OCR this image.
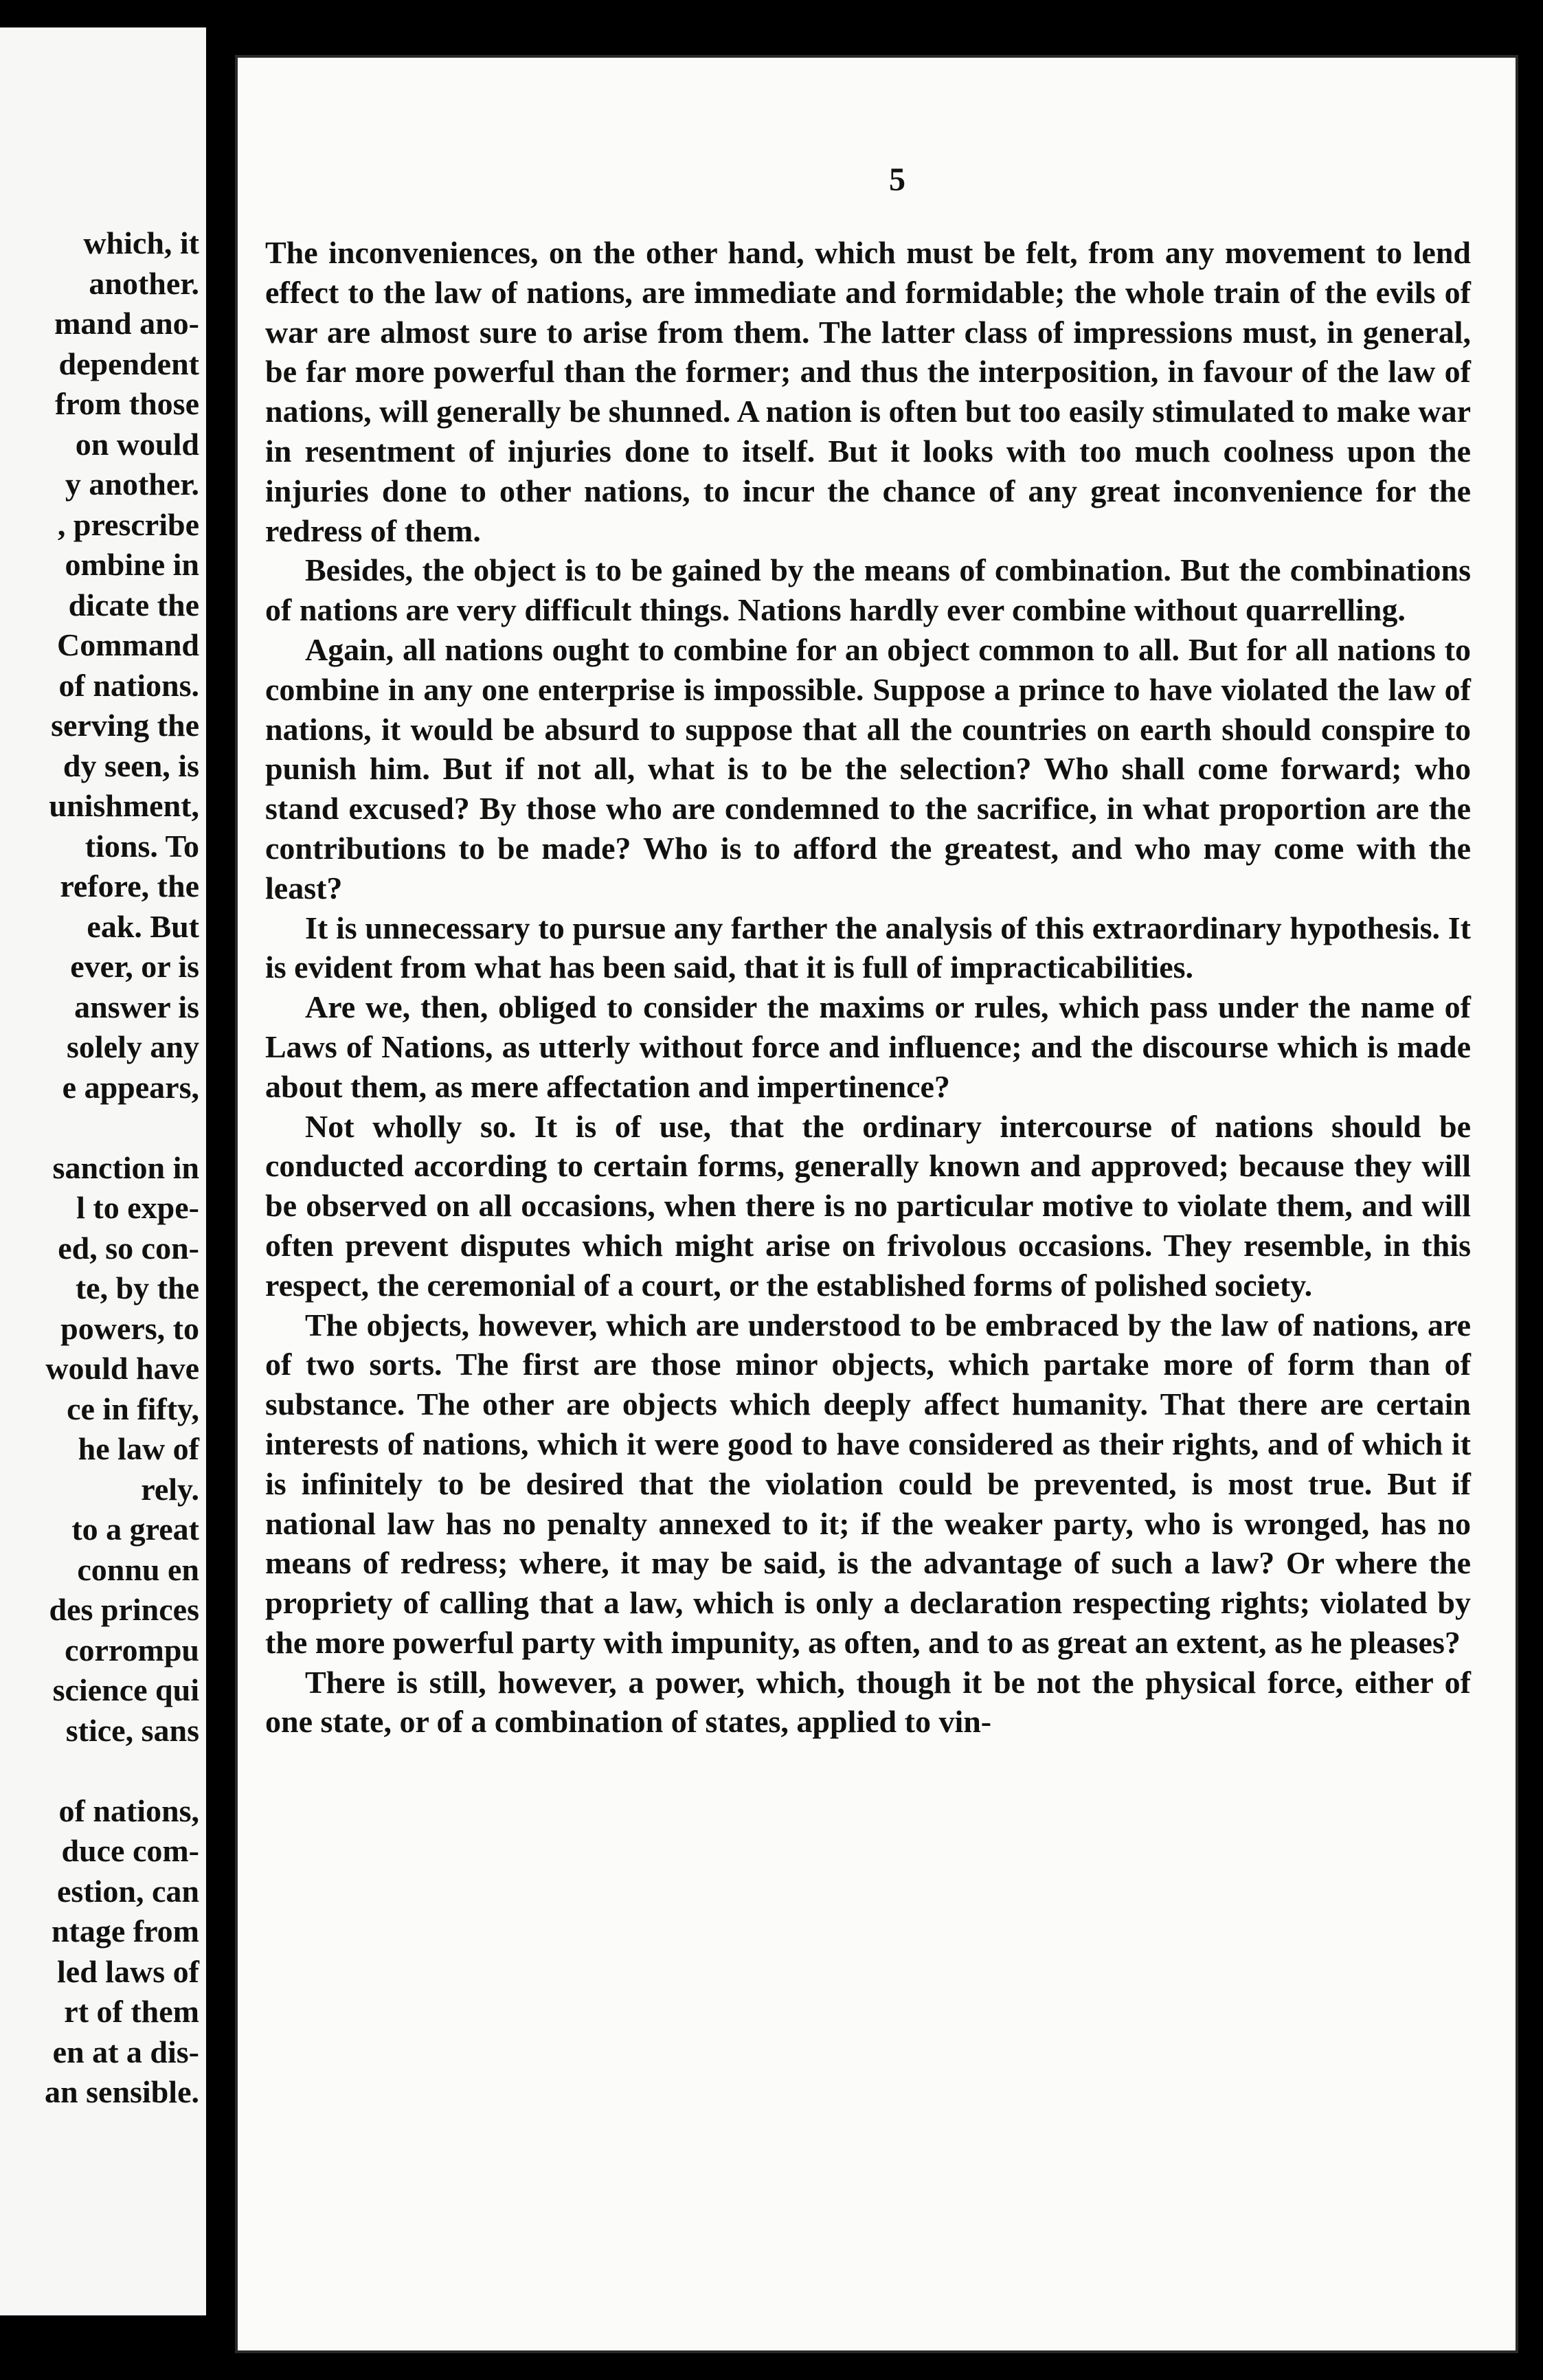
which, it
another.
mand ano-
dependent
from those
on would
y another.
, prescribe
ombine in
dicate the
Command
of nations.
serving the
dy seen, is
unishment,
tions. To
refore, the
eak. But
ever, or is
answer is
solely any
e appears,
sanction in
l to expe-
ed, so con-
te, by the
powers, to
would have
ce in fifty,
he law of
rely.
to a great
connu en
des princes
corrompu
science qui
stice, sans
of nations,
duce com-
estion, can
ntage from
led laws of
rt of them
en at a dis-
an sensible.
5

The inconveniences, on the other hand, which must be felt, from any movement to lend effect to the law of nations, are immediate and formidable; the whole train of the evils of war are almost sure to arise from them. The latter class of impressions must, in general, be far more powerful than the former; and thus the interposition, in favour of the law of nations, will generally be shunned. A nation is often but too easily stimulated to make war in resentment of injuries done to itself. But it looks with too much coolness upon the injuries done to other nations, to incur the chance of any great inconvenience for the redress of them.

Besides, the object is to be gained by the means of combination. But the combinations of nations are very difficult things. Nations hardly ever combine without quarrelling.

Again, all nations ought to combine for an object common to all. But for all nations to combine in any one enterprise is impossible. Suppose a prince to have violated the law of nations, it would be absurd to suppose that all the countries on earth should conspire to punish him. But if not all, what is to be the selection? Who shall come forward; who stand excused? By those who are condemned to the sacrifice, in what proportion are the contributions to be made? Who is to afford the greatest, and who may come with the least?

It is unnecessary to pursue any farther the analysis of this extraordinary hypothesis. It is evident from what has been said, that it is full of impracticabilities.

Are we, then, obliged to consider the maxims or rules, which pass under the name of Laws of Nations, as utterly without force and influence; and the discourse which is made about them, as mere affectation and impertinence?

Not wholly so. It is of use, that the ordinary intercourse of nations should be conducted according to certain forms, generally known and approved; because they will be observed on all occasions, when there is no particular motive to violate them, and will often prevent disputes which might arise on frivolous occasions. They resemble, in this respect, the ceremonial of a court, or the established forms of polished society.

The objects, however, which are understood to be embraced by the law of nations, are of two sorts. The first are those minor objects, which partake more of form than of substance. The other are objects which deeply affect humanity. That there are certain interests of nations, which it were good to have considered as their rights, and of which it is infinitely to be desired that the violation could be prevented, is most true. But if national law has no penalty annexed to it; if the weaker party, who is wronged, has no means of redress; where, it may be said, is the advantage of such a law? Or where the propriety of calling that a law, which is only a declaration respecting rights; violated by the more powerful party with impunity, as often, and to as great an extent, as he pleases?

There is still, however, a power, which, though it be not the physical force, either of one state, or of a combination of states, applied to vin-
